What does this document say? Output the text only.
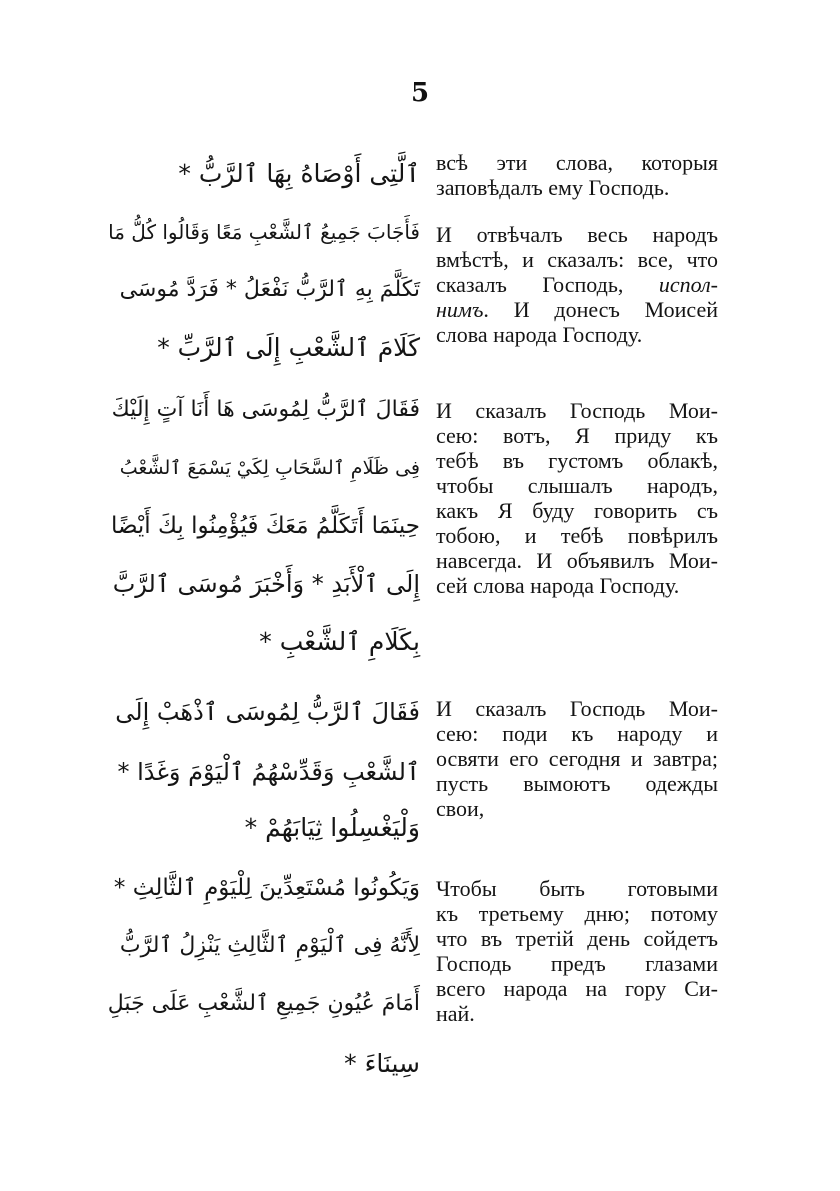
5
ٱلَّتِى أَوْصَاهُ بِهَا ٱلرَّبُّ *
فَأَجَابَ جَمِيعُ ٱلشَّعْبِ مَعًا وَقَالُوا كُلُّ مَا
تَكَلَّمَ بِهِ ٱلرَّبُّ نَفْعَلُ * فَرَدَّ مُوسَى
كَلَامَ ٱلشَّعْبِ إِلَى ٱلرَّبِّ *
فَقَالَ ٱلرَّبُّ لِمُوسَى هَا أَنَا آتٍ إِلَيْكَ
فِى ظَلَامِ ٱلسَّحَابِ لِكَيْ يَسْمَعَ ٱلشَّعْبُ
حِينَمَا أَتَكَلَّمُ مَعَكَ فَيُؤْمِنُوا بِكَ أَيْضًا
إِلَى ٱلْأَبَدِ * وَأَخْبَرَ مُوسَى ٱلرَّبَّ
بِكَلَامِ ٱلشَّعْبِ *
فَقَالَ ٱلرَّبُّ لِمُوسَى ٱذْهَبْ إِلَى
ٱلشَّعْبِ وَقَدِّسْهُمُ ٱلْيَوْمَ وَغَدًا *
وَلْيَغْسِلُوا ثِيَابَهُمْ *
وَيَكُونُوا مُسْتَعِدِّينَ لِلْيَوْمِ ٱلثَّالِثِ *
لِأَنَّهُ فِى ٱلْيَوْمِ ٱلثَّالِثِ يَنْزِلُ ٱلرَّبُّ
أَمَامَ عُيُونِ جَمِيعِ ٱلشَّعْبِ عَلَى جَبَلِ
سِينَاءَ *
всѣ эти слова, которыя
заповѣдалъ ему Господь.
И отвѣчалъ весь народъ
вмѣстѣ, и сказалъ: все, что
сказалъ Господь, испол-
нимъ. И донесъ Моисей
слова народа Господу.
И сказалъ Господь Мои-
сею: вотъ, Я приду къ
тебѣ въ густомъ облакѣ,
чтобы слышалъ народъ,
какъ Я буду говорить съ
тобою, и тебѣ повѣрилъ
навсегда. И объявилъ Мои-
сей слова народа Господу.
И сказалъ Господь Мои-
сею: поди къ народу и
освяти его сегодня и завтра;
пусть вымоютъ одежды
свои,
Чтобы быть готовыми
къ третьему дню; потому
что въ третій день сойдетъ
Господь предъ глазами
всего народа на гору Си-
най.
